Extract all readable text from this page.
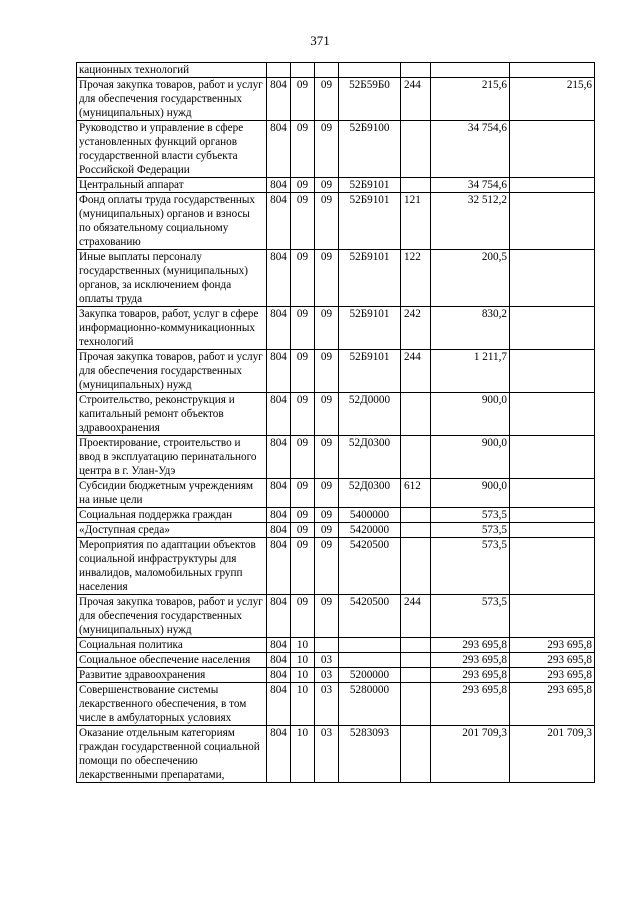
371
кационных технологий							
Прочая закупка товаров, работ и услуг для обеспечения государственных (муниципальных) нужд	804	09	09	52Б59Б0	244	215,6	215,6
Руководство и управление в сфере установленных функций органов государственной власти субъекта Российской Федерации	804	09	09	52Б9100		34 754,6	
Центральный аппарат	804	09	09	52Б9101		34 754,6	
Фонд оплаты труда государственных (муниципальных) органов и взносы по обязательному социальному страхованию	804	09	09	52Б9101	121	32 512,2	
Иные выплаты персоналу государственных (муниципальных) органов, за исключением фонда оплаты труда	804	09	09	52Б9101	122	200,5	
Закупка товаров, работ, услуг в сфере информационно-коммуникационных технологий	804	09	09	52Б9101	242	830,2	
Прочая закупка товаров, работ и услуг для обеспечения государственных (муниципальных) нужд	804	09	09	52Б9101	244	1 211,7	
Строительство, реконструкция и капитальный ремонт объектов здравоохранения	804	09	09	52Д0000		900,0	
Проектирование, строительство и ввод в эксплуатацию перинатального центра в г. Улан-Удэ	804	09	09	52Д0300		900,0	
Субсидии бюджетным учреждениям на иные цели	804	09	09	52Д0300	612	900,0	
Социальная поддержка граждан	804	09	09	5400000		573,5	
«Доступная среда»	804	09	09	5420000		573,5	
Мероприятия по адаптации объектов социальной инфраструктуры для инвалидов, маломобильных групп населения	804	09	09	5420500		573,5	
Прочая закупка товаров, работ и услуг для обеспечения государственных (муниципальных) нужд	804	09	09	5420500	244	573,5	
Социальная политика	804	10				293 695,8	293 695,8
Социальное обеспечение населения	804	10	03			293 695,8	293 695,8
Развитие здравоохранения	804	10	03	5200000		293 695,8	293 695,8
Совершенствование системы лекарственного обеспечения, в том числе в амбулаторных условиях	804	10	03	5280000		293 695,8	293 695,8
Оказание отдельным категориям граждан государственной социальной помощи по обеспечению лекарственными препаратами,	804	10	03	5283093		201 709,3	201 709,3
